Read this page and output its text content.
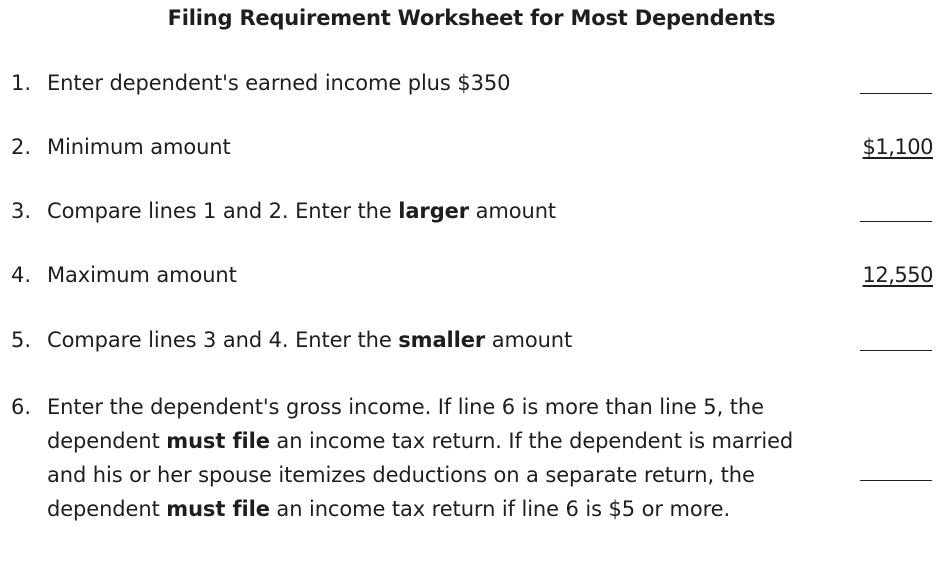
Filing Requirement Worksheet for Most Dependents
1. Enter dependent's earned income plus $350
2. Minimum amount	$1,100
3. Compare lines 1 and 2. Enter the larger amount
4. Maximum amount	12,550
5. Compare lines 3 and 4. Enter the smaller amount
6. Enter the dependent's gross income. If line 6 is more than line 5, the dependent must file an income tax return. If the dependent is married and his or her spouse itemizes deductions on a separate return, the dependent must file an income tax return if line 6 is $5 or more.
